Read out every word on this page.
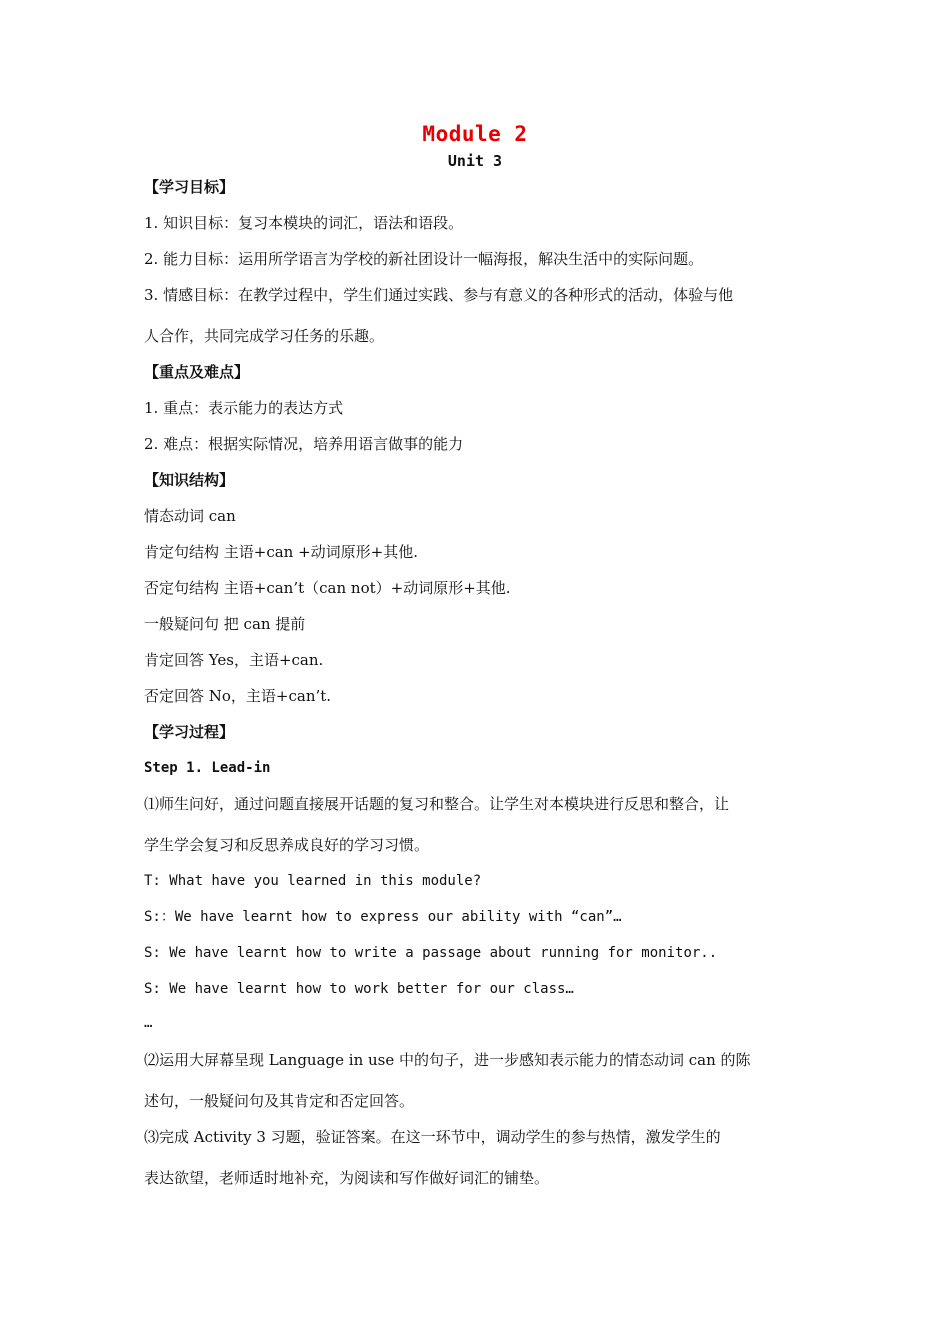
Module 2
Unit 3
【学习目标】
1. 知识目标：复习本模块的词汇，语法和语段。
2. 能力目标：运用所学语言为学校的新社团设计一幅海报，解决生活中的实际问题。
3. 情感目标：在教学过程中，学生们通过实践、参与有意义的各种形式的活动，体验与他
人合作，共同完成学习任务的乐趣。
【重点及难点】
1. 重点：表示能力的表达方式
2. 难点：根据实际情况，培养用语言做事的能力
【知识结构】
情态动词 can
肯定句结构 主语+can +动词原形+其他.
否定句结构 主语+can’t（can not）+动词原形+其他.
一般疑问句 把 can 提前
肯定回答 Yes，主语+can.
否定回答 No，主语+can’t.
【学习过程】
Step 1. Lead-in
⑴师生问好，通过问题直接展开话题的复习和整合。让学生对本模块进行反思和整合，让
学生学会复习和反思养成良好的学习习惯。
T: What have you learned in this module?
S:：We have learnt how to express our ability with “can”…
S: We have learnt how to write a passage about running for monitor..
S: We have learnt how to work better for our class…
…
⑵运用大屏幕呈现 Language in use 中的句子，进一步感知表示能力的情态动词 can 的陈
述句，一般疑问句及其肯定和否定回答。
⑶完成 Activity 3 习题，验证答案。在这一环节中，调动学生的参与热情，激发学生的
表达欲望，老师适时地补充，为阅读和写作做好词汇的铺垫。
